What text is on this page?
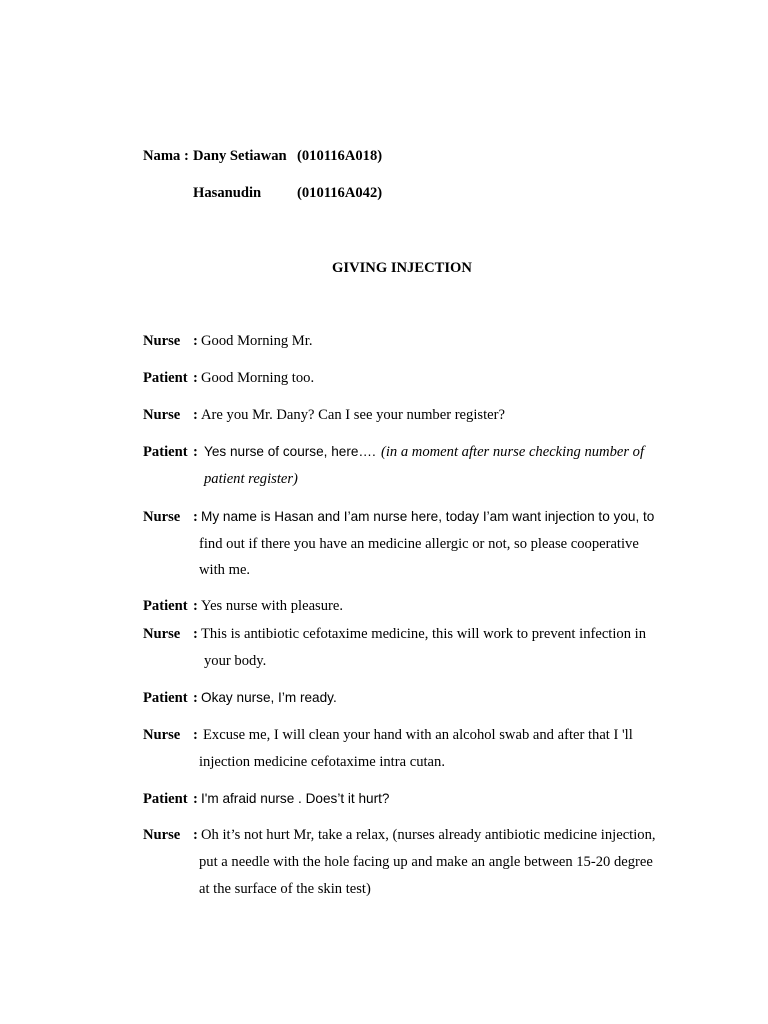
Nama : Dany Setiawan (010116A018)
Hasanudin (010116A042)
GIVING INJECTION
Nurse : Good Morning Mr.
Patient : Good Morning too.
Nurse : Are you Mr. Dany? Can I see your number register?
Patient : Yes nurse of course, here…. (in a moment after nurse checking number of
patient register)
Nurse : My name is Hasan and I’am nurse here, today I’am want injection to you, to
find out if there you have an medicine allergic or not, so please cooperative
with me.
Patient : Yes nurse with pleasure.
Nurse : This is antibiotic cefotaxime medicine, this will work to prevent infection in
your body.
Patient : Okay nurse, I’m ready.
Nurse : Excuse me, I will clean your hand with an alcohol swab and after that I 'll
injection medicine cefotaxime intra cutan.
Patient : I'm afraid nurse . Does’t it hurt?
Nurse : Oh it’s not hurt Mr, take a relax, (nurses already antibiotic medicine injection,
put a needle with the hole facing up and make an angle between 15-20 degree
at the surface of the skin test)
